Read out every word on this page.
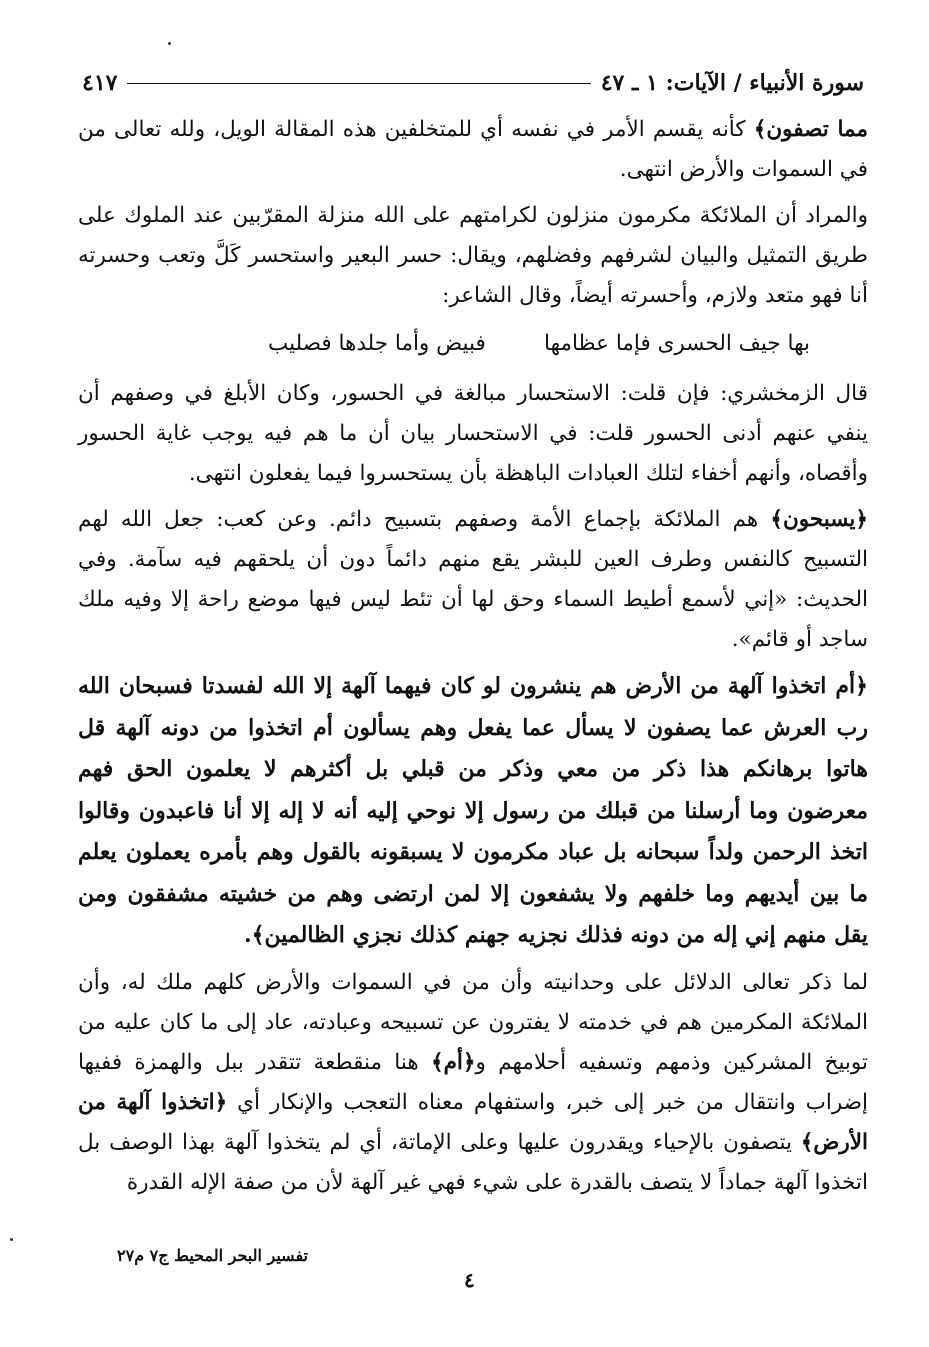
سورة الأنبياء / الآيات: ١ ـ ٤٧
٤١٧

مما تصفون﴾ كأنه يقسم الأمر في نفسه أي للمتخلفين هذه المقالة الويل، ولله تعالى من في السموات والأرض انتهى.

والمراد أن الملائكة مكرمون منزلون لكرامتهم على الله منزلة المقرّبين عند الملوك على طريق التمثيل والبيان لشرفهم وفضلهم، ويقال: حسر البعير واستحسر كَلَّ وتعب وحسرته أنا فهو متعد ولازم، وأحسرته أيضاً، وقال الشاعر:

بها جيف الحسرى فإما عظامها
فبيض وأما جلدها فصليب

قال الزمخشري: فإن قلت: الاستحسار مبالغة في الحسور، وكان الأبلغ في وصفهم أن ينفي عنهم أدنى الحسور قلت: في الاستحسار بيان أن ما هم فيه يوجب غاية الحسور وأقصاه، وأنهم أخفاء لتلك العبادات الباهظة بأن يستحسروا فيما يفعلون انتهى.

﴿يسبحون﴾ هم الملائكة بإجماع الأمة وصفهم بتسبيح دائم. وعن كعب: جعل الله لهم التسبيح كالنفس وطرف العين للبشر يقع منهم دائماً دون أن يلحقهم فيه سآمة. وفي الحديث: «إني لأسمع أطيط السماء وحق لها أن تئط ليس فيها موضع راحة إلا وفيه ملك ساجد أو قائم».

﴿أم اتخذوا آلهة من الأرض هم ينشرون لو كان فيهما آلهة إلا الله لفسدتا فسبحان الله رب العرش عما يصفون لا يسأل عما يفعل وهم يسألون أم اتخذوا من دونه آلهة قل هاتوا برهانكم هذا ذكر من معي وذكر من قبلي بل أكثرهم لا يعلمون الحق فهم معرضون وما أرسلنا من قبلك من رسول إلا نوحي إليه أنه لا إله إلا أنا فاعبدون وقالوا اتخذ الرحمن ولداً سبحانه بل عباد مكرمون لا يسبقونه بالقول وهم بأمره يعملون يعلم ما بين أيديهم وما خلفهم ولا يشفعون إلا لمن ارتضى وهم من خشيته مشفقون ومن يقل منهم إني إله من دونه فذلك نجزيه جهنم كذلك نجزي الظالمين﴾.

لما ذكر تعالى الدلائل على وحدانيته وأن من في السموات والأرض كلهم ملك له، وأن الملائكة المكرمين هم في خدمته لا يفترون عن تسبيحه وعبادته، عاد إلى ما كان عليه من توبيخ المشركين وذمهم وتسفيه أحلامهم و﴿أم﴾ هنا منقطعة تتقدر ببل والهمزة ففيها إضراب وانتقال من خبر إلى خبر، واستفهام معناه التعجب والإنكار أي ﴿اتخذوا آلهة من الأرض﴾ يتصفون بالإحياء ويقدرون عليها وعلى الإماتة، أي لم يتخذوا آلهة بهذا الوصف بل اتخذوا آلهة جماداً لا يتصف بالقدرة على شيء فهي غير آلهة لأن من صفة الإله القدرة

تفسير البحر المحيط ج٧ م٢٧
٤
